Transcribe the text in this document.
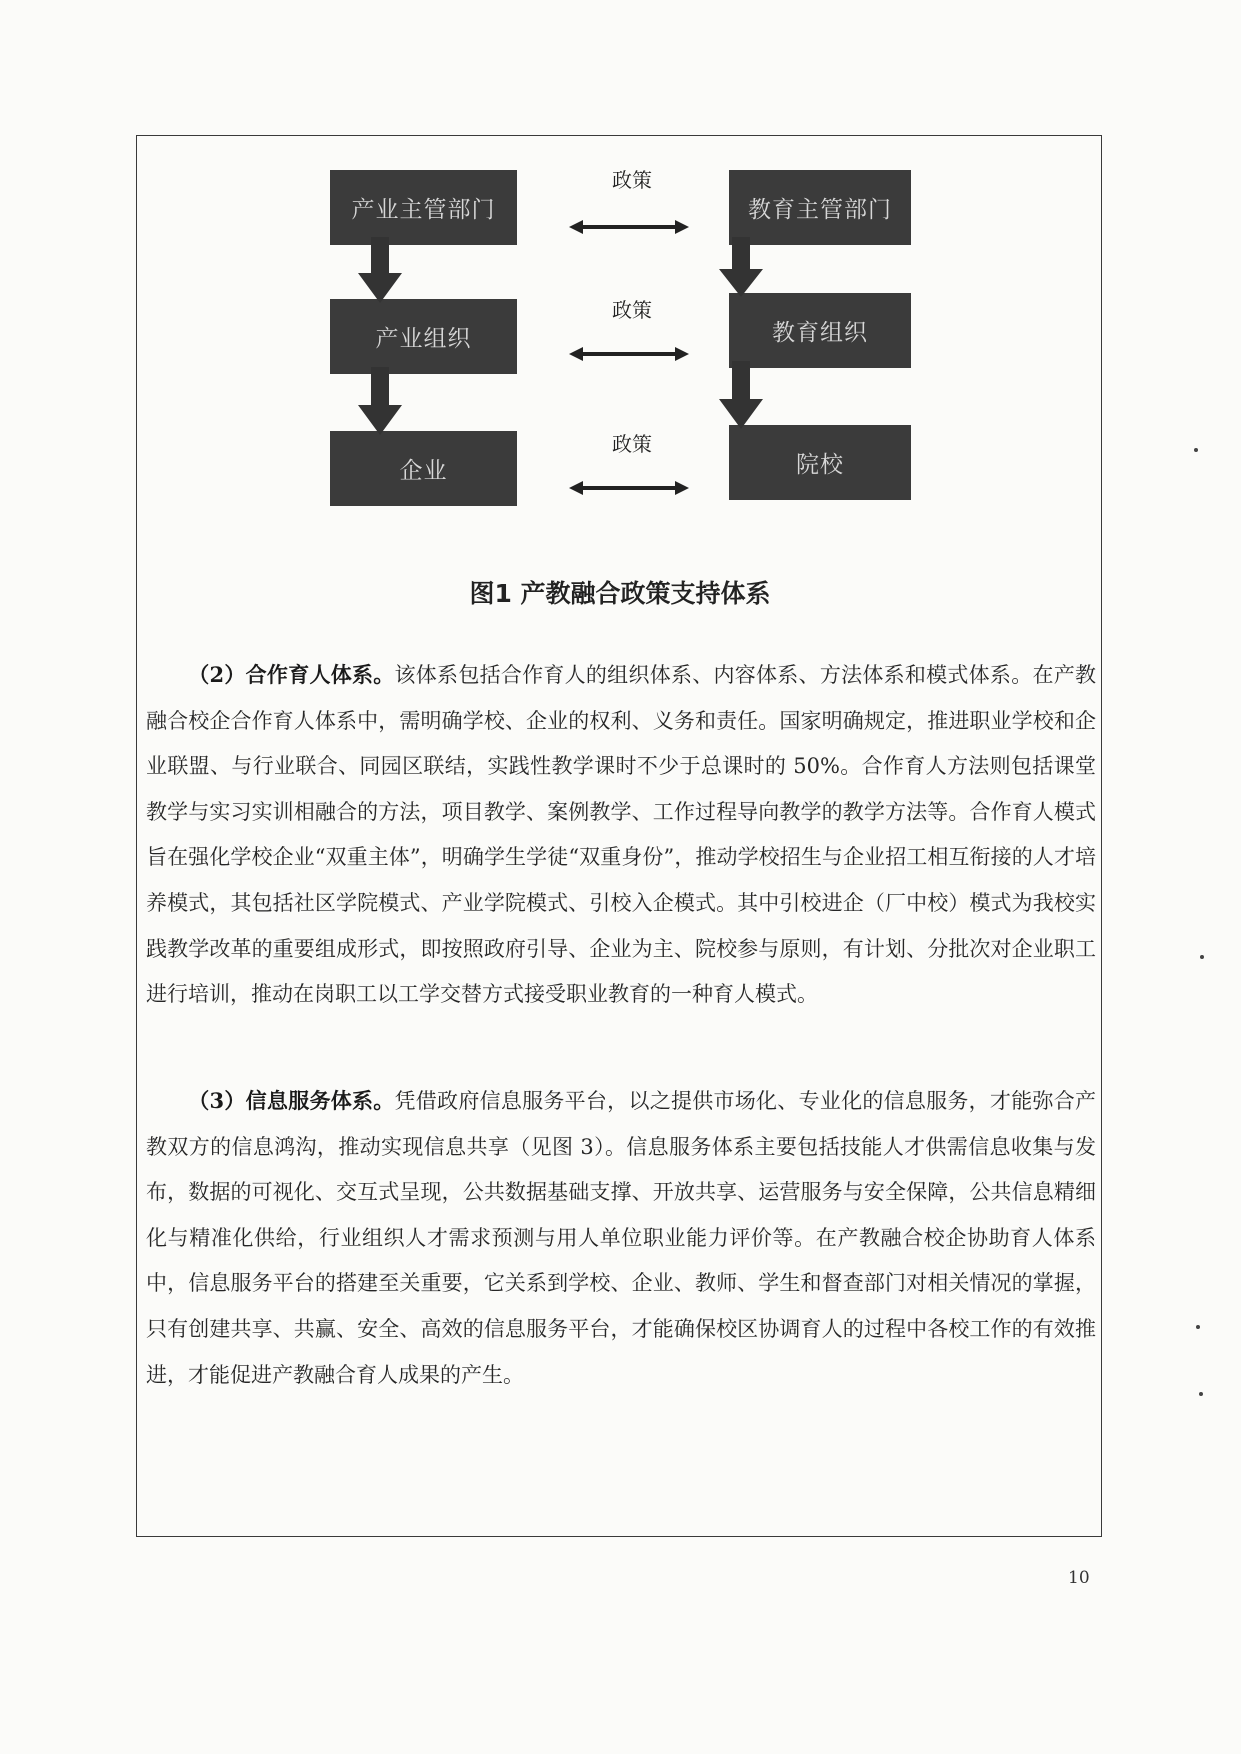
产业主管部门
产业组织
企业
教育主管部门
教育组织
院校
政策
政策
政策
图1 产教融合政策支持体系

（2）合作育人体系。该体系包括合作育人的组织体系、内容体系、方法体系和模式体系。在产教融合校企合作育人体系中，需明确学校、企业的权利、义务和责任。国家明确规定，推进职业学校和企业联盟、与行业联合、同园区联结，实践性教学课时不少于总课时的 50%。合作育人方法则包括课堂教学与实习实训相融合的方法，项目教学、案例教学、工作过程导向教学的教学方法等。合作育人模式旨在强化学校企业“双重主体”，明确学生学徒“双重身份”，推动学校招生与企业招工相互衔接的人才培养模式，其包括社区学院模式、产业学院模式、引校入企模式。其中引校进企（厂中校）模式为我校实践教学改革的重要组成形式，即按照政府引导、企业为主、院校参与原则，有计划、分批次对企业职工进行培训，推动在岗职工以工学交替方式接受职业教育的一种育人模式。

（3）信息服务体系。凭借政府信息服务平台，以之提供市场化、专业化的信息服务，才能弥合产教双方的信息鸿沟，推动实现信息共享（见图 3）。信息服务体系主要包括技能人才供需信息收集与发布，数据的可视化、交互式呈现，公共数据基础支撑、开放共享、运营服务与安全保障，公共信息精细化与精准化供给，行业组织人才需求预测与用人单位职业能力评价等。在产教融合校企协助育人体系中，信息服务平台的搭建至关重要，它关系到学校、企业、教师、学生和督查部门对相关情况的掌握，只有创建共享、共赢、安全、高效的信息服务平台，才能确保校区协调育人的过程中各校工作的有效推进，才能促进产教融合育人成果的产生。

10
